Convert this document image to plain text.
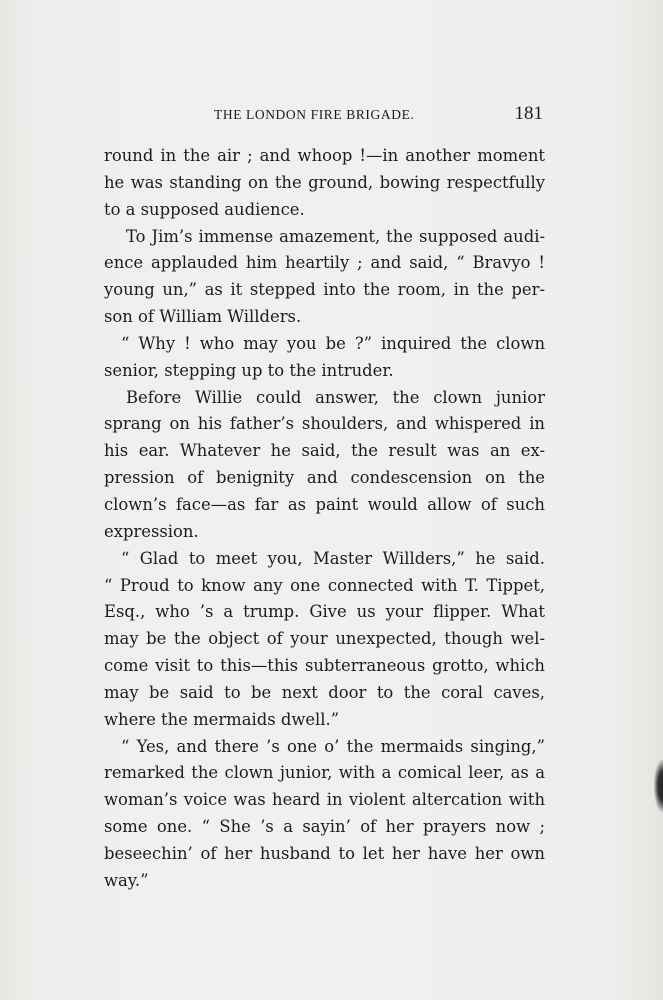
THE LONDON FIRE BRIGADE.	181
round in the air ; and whoop !—in another moment
he was standing on the ground, bowing respectfully
to a supposed audience.
To Jim’s immense amazement, the supposed audi-
ence applauded him heartily ; and said, “ Bravyo !
young un,” as it stepped into the room, in the per-
son of William Willders.
“ Why ! who may you be ?” inquired the clown
senior, stepping up to the intruder.
Before Willie could answer, the clown junior
sprang on his father’s shoulders, and whispered in
his ear. Whatever he said, the result was an ex-
pression of benignity and condescension on the
clown’s face—as far as paint would allow of such
expression.
“ Glad to meet you, Master Willders,” he said.
“ Proud to know any one connected with T. Tippet,
Esq., who ’s a trump. Give us your flipper. What
may be the object of your unexpected, though wel-
come visit to this—this subterraneous grotto, which
may be said to be next door to the coral caves,
where the mermaids dwell.”
“ Yes, and there ’s one o’ the mermaids singing,”
remarked the clown junior, with a comical leer, as a
woman’s voice was heard in violent altercation with
some one. “ She ’s a sayin’ of her prayers now ;
beseechin’ of her husband to let her have her own
way.”
